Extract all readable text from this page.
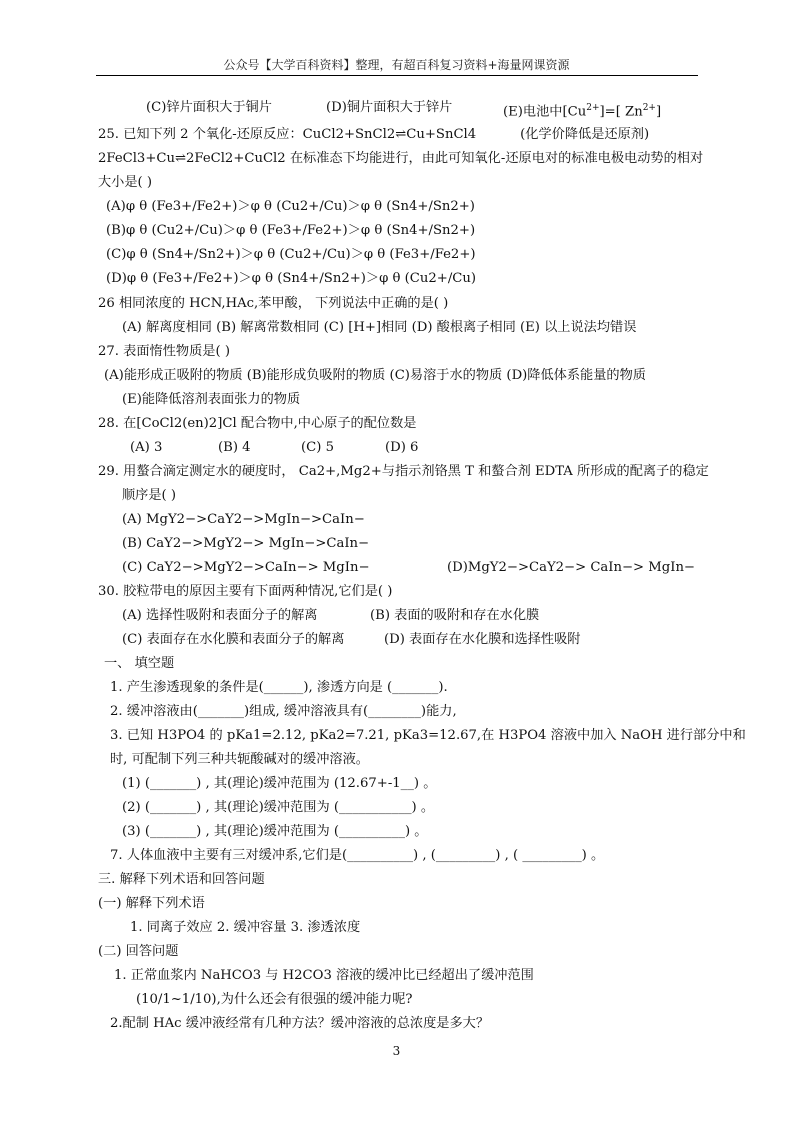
公众号【大学百科资料】整理，有超百科复习资料+海量网课资源
(C)锌片面积大于铜片	(D)铜片面积大于锌片	(E)电池中$[Cu^{2+}]=$[ $Zn^{2+}$]
25. 已知下列 2 个氧化-还原反应：CuCl2+SnCl2⇌Cu+SnCl4	(化学价降低是还原剂)
2FeCl3+Cu⇌2FeCl2+CuCl2 在标准态下均能进行，由此可知氧化-还原电对的标准电极电动势的相对
大小是( )
(A)φ θ (Fe3+/Fe2+)＞φ θ (Cu2+/Cu)＞φ θ (Sn4+/Sn2+)
(B)φ θ (Cu2+/Cu)＞φ θ (Fe3+/Fe2+)＞φ θ (Sn4+/Sn2+)
(C)φ θ (Sn4+/Sn2+)＞φ θ (Cu2+/Cu)＞φ θ (Fe3+/Fe2+)
(D)φ θ (Fe3+/Fe2+)＞φ θ (Sn4+/Sn2+)＞φ θ (Cu2+/Cu)
26 相同浓度的 HCN,HAc,苯甲酸， 下列说法中正确的是( )
(A) 解离度相同 (B) 解离常数相同 (C) [H+]相同 (D) 酸根离子相同 (E) 以上说法均错误
27. 表面惰性物质是( )
(A)能形成正吸附的物质 (B)能形成负吸附的物质 (C)易溶于水的物质 (D)降低体系能量的物质
(E)能降低溶剂表面张力的物质
28. 在[CoCl2(en)2]Cl 配合物中,中心原子的配位数是
(A) 3	(B) 4	(C) 5	(D) 6
29. 用螯合滴定测定水的硬度时， Ca2+,Mg2+与指示剂铬黑 T 和螯合剂 EDTA 所形成的配离子的稳定
顺序是( )
(A) MgY2−>CaY2−>MgIn−>CaIn−
(B) CaY2−>MgY2−> MgIn−>CaIn−
(C) CaY2−>MgY2−>CaIn−> MgIn−	(D)MgY2−>CaY2−> CaIn−> MgIn−
30. 胶粒带电的原因主要有下面两种情况,它们是( )
(A) 选择性吸附和表面分子的解离	(B) 表面的吸附和存在水化膜
(C) 表面存在水化膜和表面分子的解离	(D) 表面存在水化膜和选择性吸附
一、 填空题
1. 产生渗透现象的条件是(______), 渗透方向是 (_______).
2. 缓冲溶液由(_______)组成, 缓冲溶液具有(________)能力,
3. 已知 H3PO4 的 pKa1=2.12, pKa2=7.21, pKa3=12.67,在 H3PO4 溶液中加入 NaOH 进行部分中和
时, 可配制下列三种共轭酸碱对的缓冲溶液。
(1) (_______) , 其(理论)缓冲范围为 (12.67+-1__) 。
(2) (_______) , 其(理论)缓冲范围为 (___________) 。
(3) (_______) , 其(理论)缓冲范围为 (__________) 。
7. 人体血液中主要有三对缓冲系,它们是(__________) , (_________) , ( _________) 。
三. 解释下列术语和回答问题
(一) 解释下列术语
1. 同离子效应 2. 缓冲容量 3. 渗透浓度
(二) 回答问题
1. 正常血浆内 NaHCO3 与 H2CO3 溶液的缓冲比已经超出了缓冲范围
(10/1~1/10),为什么还会有很强的缓冲能力呢?
2.配制 HAc 缓冲液经常有几种方法？缓冲溶液的总浓度是多大？
3
